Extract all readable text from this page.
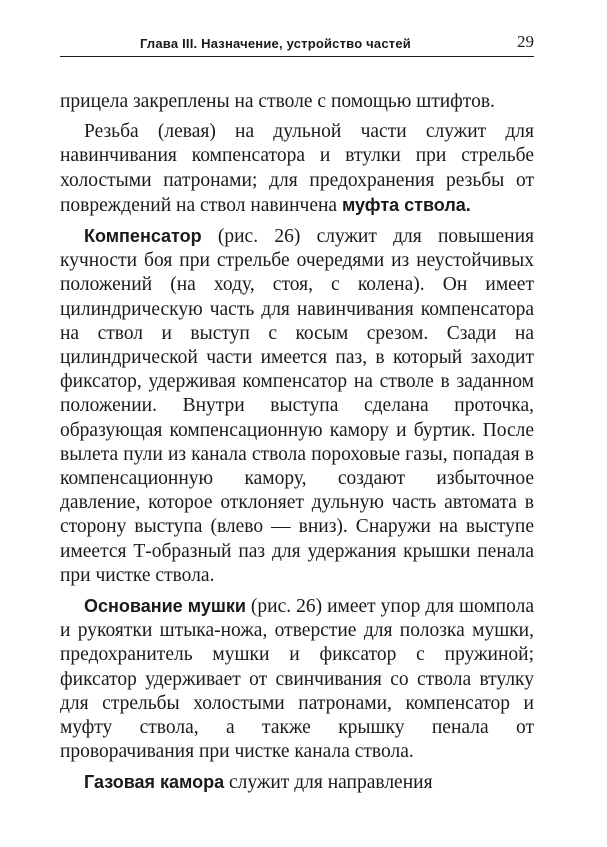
Глава III. Назначение, устройство частей	29

прицела закреплены на стволе с помощью штифтов.

Резьба (левая) на дульной части служит для навинчивания компенсатора и втулки при стрельбе холостыми патронами; для предохранения резьбы от повреждений на ствол навинчена муфта ствола.

Компенсатор (рис. 26) служит для повышения кучности боя при стрельбе очередями из неустойчивых положений (на ходу, стоя, с колена). Он имеет цилиндрическую часть для навинчивания компенсатора на ствол и выступ с косым срезом. Сзади на цилиндрической части имеется паз, в который заходит фиксатор, удерживая компенсатор на стволе в заданном положении. Внутри выступа сделана проточка, образующая компенсационную камору и буртик. После вылета пули из канала ствола пороховые газы, попадая в компенсационную камору, создают избыточное давление, которое отклоняет дульную часть автомата в сторону выступа (влево — вниз). Снаружи на выступе имеется Т-образный паз для удержания крышки пенала при чистке ствола.

Основание мушки (рис. 26) имеет упор для шомпола и рукоятки штыка-ножа, отверстие для полозка мушки, предохранитель мушки и фиксатор с пружиной; фиксатор удерживает от свинчивания со ствола втулку для стрельбы холостыми патронами, компенсатор и муфту ствола, а также крышку пенала от проворачивания при чистке канала ствола.

Газовая камора служит для направления
